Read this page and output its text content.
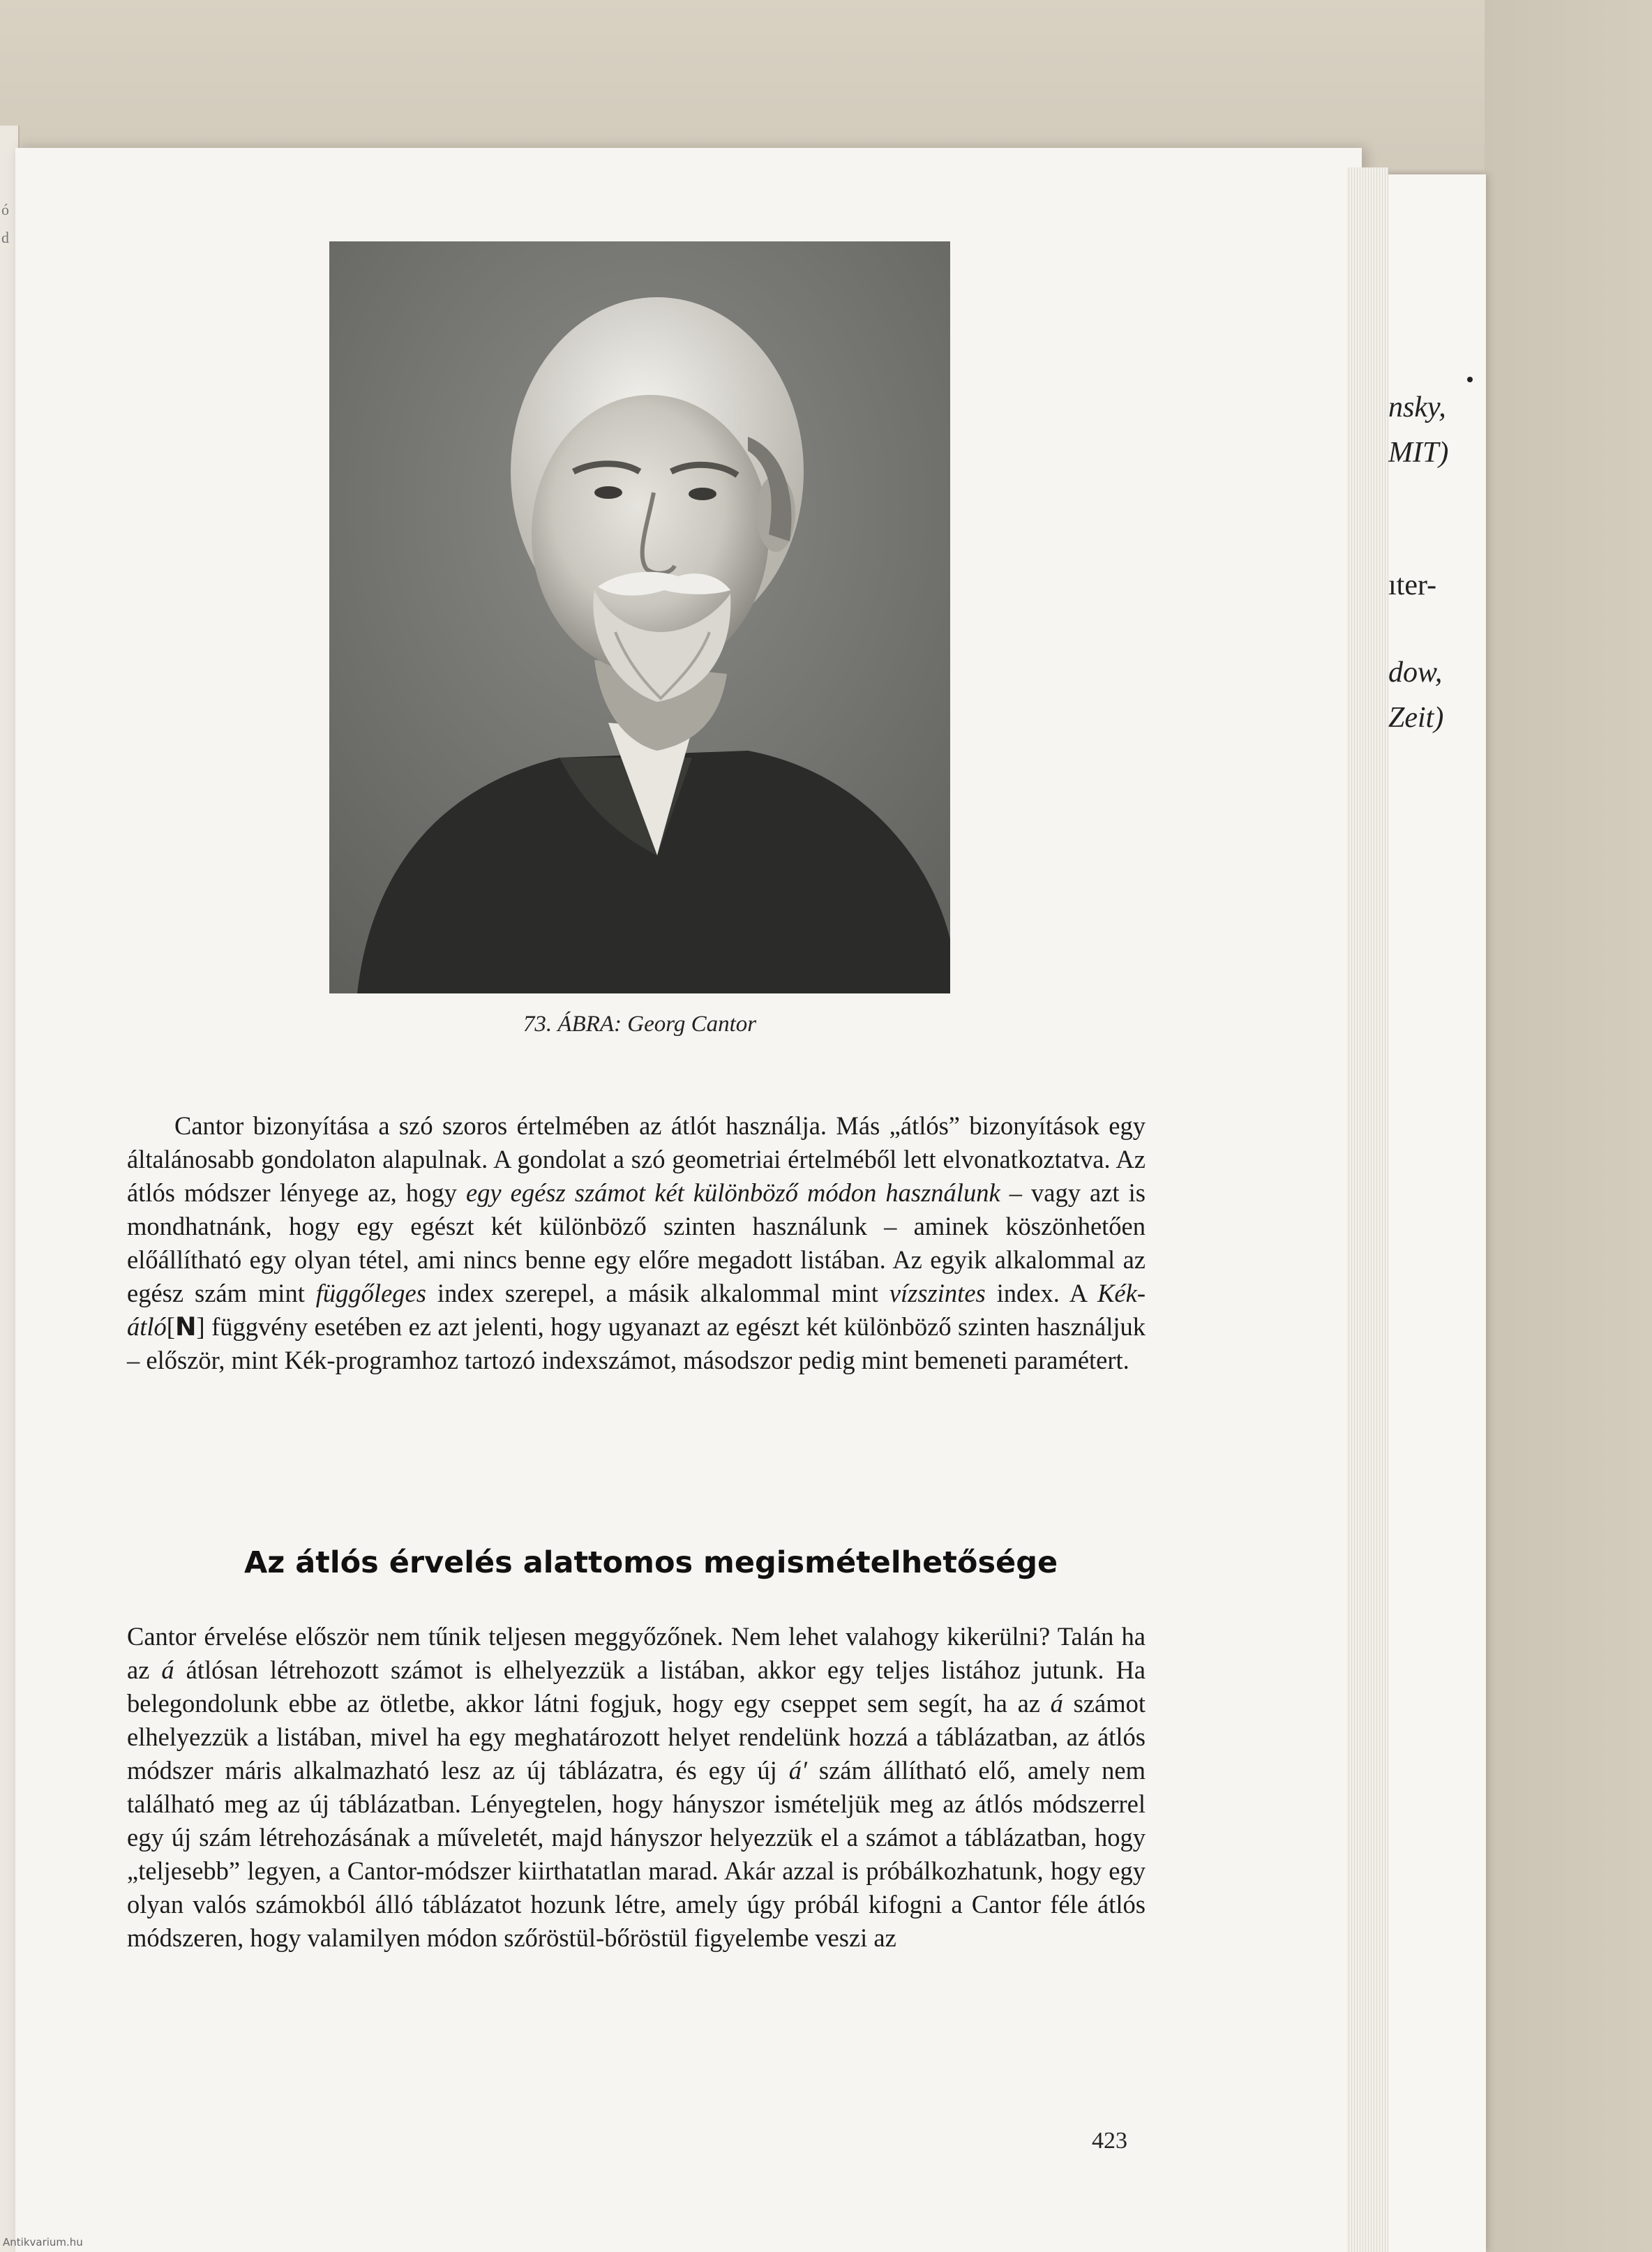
ó
d
nsky,
MIT)
ıter-
dow,
Zeit)
73. ÁBRA: Georg Cantor

Cantor bizonyítása a szó szoros értelmében az átlót használja. Más „átlós” bizonyítások egy általánosabb gondolaton alapulnak. A gondolat a szó geometriai értelméből lett elvonatkoztatva. Az átlós módszer lényege az, hogy egy egész számot két különböző módon használunk – vagy azt is mondhatnánk, hogy egy egészt két különböző szinten használunk – aminek köszönhetően előállítható egy olyan tétel, ami nincs benne egy előre megadott listában. Az egyik alkalommal az egész szám mint függőleges index szerepel, a másik alkalommal mint vízszintes index. A Kék-átló[N] függvény esetében ez azt jelenti, hogy ugyanazt az egészt két különböző szinten használjuk – először, mint Kék-programhoz tartozó indexszámot, másodszor pedig mint bemeneti paramétert.

Az átlós érvelés alattomos megismételhetősége

Cantor érvelése először nem tűnik teljesen meggyőzőnek. Nem lehet valahogy kikerülni? Talán ha az á átlósan létrehozott számot is elhelyezzük a listában, akkor egy teljes listához jutunk. Ha belegondolunk ebbe az ötletbe, akkor látni fogjuk, hogy egy cseppet sem segít, ha az á számot elhelyezzük a listában, mivel ha egy meghatározott helyet rendelünk hozzá a táblázatban, az átlós módszer máris alkalmazható lesz az új táblázatra, és egy új á′ szám állítható elő, amely nem található meg az új táblázatban. Lényegtelen, hogy hányszor ismételjük meg az átlós módszerrel egy új szám létrehozásának a műveletét, majd hányszor helyezzük el a számot a táblázatban, hogy „teljesebb” legyen, a Cantor-módszer kiirthatatlan marad. Akár azzal is próbálkozhatunk, hogy egy olyan valós számokból álló táblázatot hozunk létre, amely úgy próbál kifogni a Cantor féle átlós módszeren, hogy valamilyen módon szőröstül-bőröstül figyelembe veszi az

423
Antikvarium.hu
